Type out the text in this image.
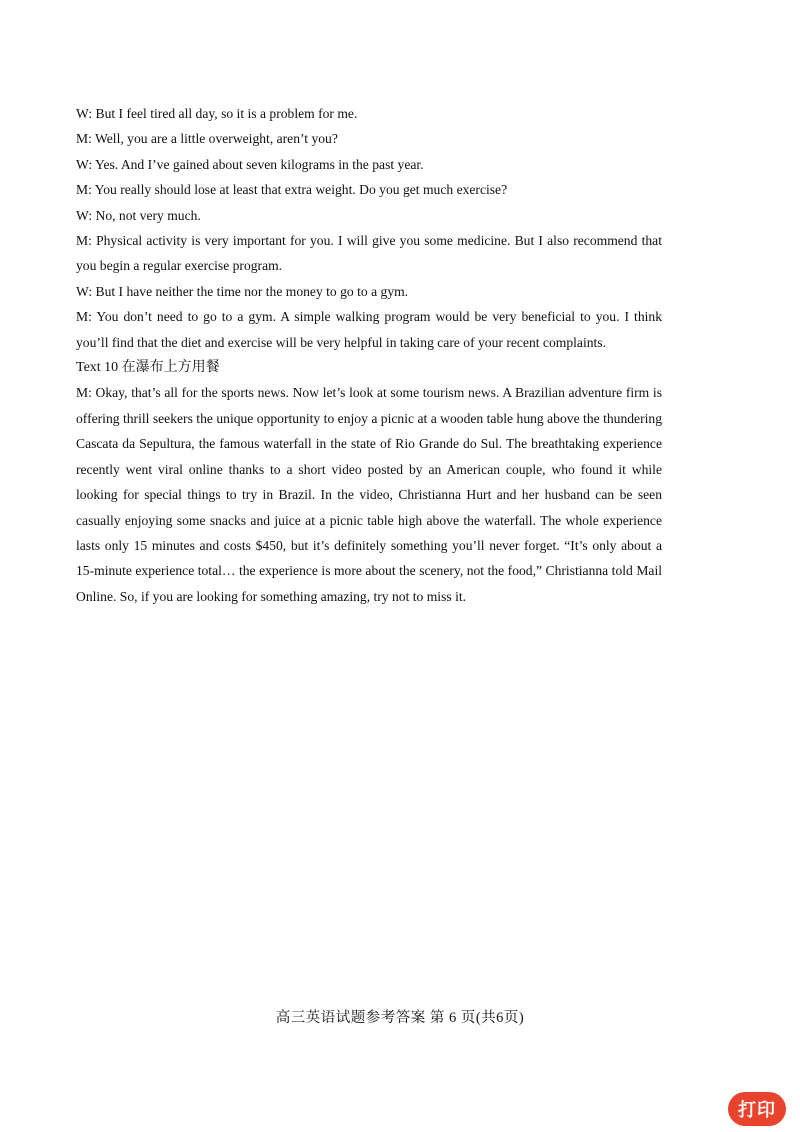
W: But I feel tired all day, so it is a problem for me.

M: Well, you are a little overweight, aren’t you?

W: Yes. And I’ve gained about seven kilograms in the past year.

M: You really should lose at least that extra weight. Do you get much exercise?

W: No, not very much.

M: Physical activity is very important for you. I will give you some medicine. But I also recommend that you begin a regular exercise program.

W: But I have neither the time nor the money to go to a gym.

M: You don’t need to go to a gym. A simple walking program would be very beneficial to you. I think you’ll find that the diet and exercise will be very helpful in taking care of your recent complaints.

Text 10 在瀑布上方用餐

M: Okay, that’s all for the sports news. Now let’s look at some tourism news. A Brazilian adventure firm is offering thrill seekers the unique opportunity to enjoy a picnic at a wooden table hung above the thundering Cascata da Sepultura, the famous waterfall in the state of Rio Grande do Sul. The breathtaking experience recently went viral online thanks to a short video posted by an American couple, who found it while looking for special things to try in Brazil. In the video, Christianna Hurt and her husband can be seen casually enjoying some snacks and juice at a picnic table high above the waterfall. The whole experience lasts only 15 minutes and costs $450, but it’s definitely something you’ll never forget. “It’s only about a 15-minute experience total… the experience is more about the scenery, not the food,” Christianna told Mail Online. So, if you are looking for something amazing, try not to miss it.

高三英语试题参考答案 第 6 页(共6页)
打印
